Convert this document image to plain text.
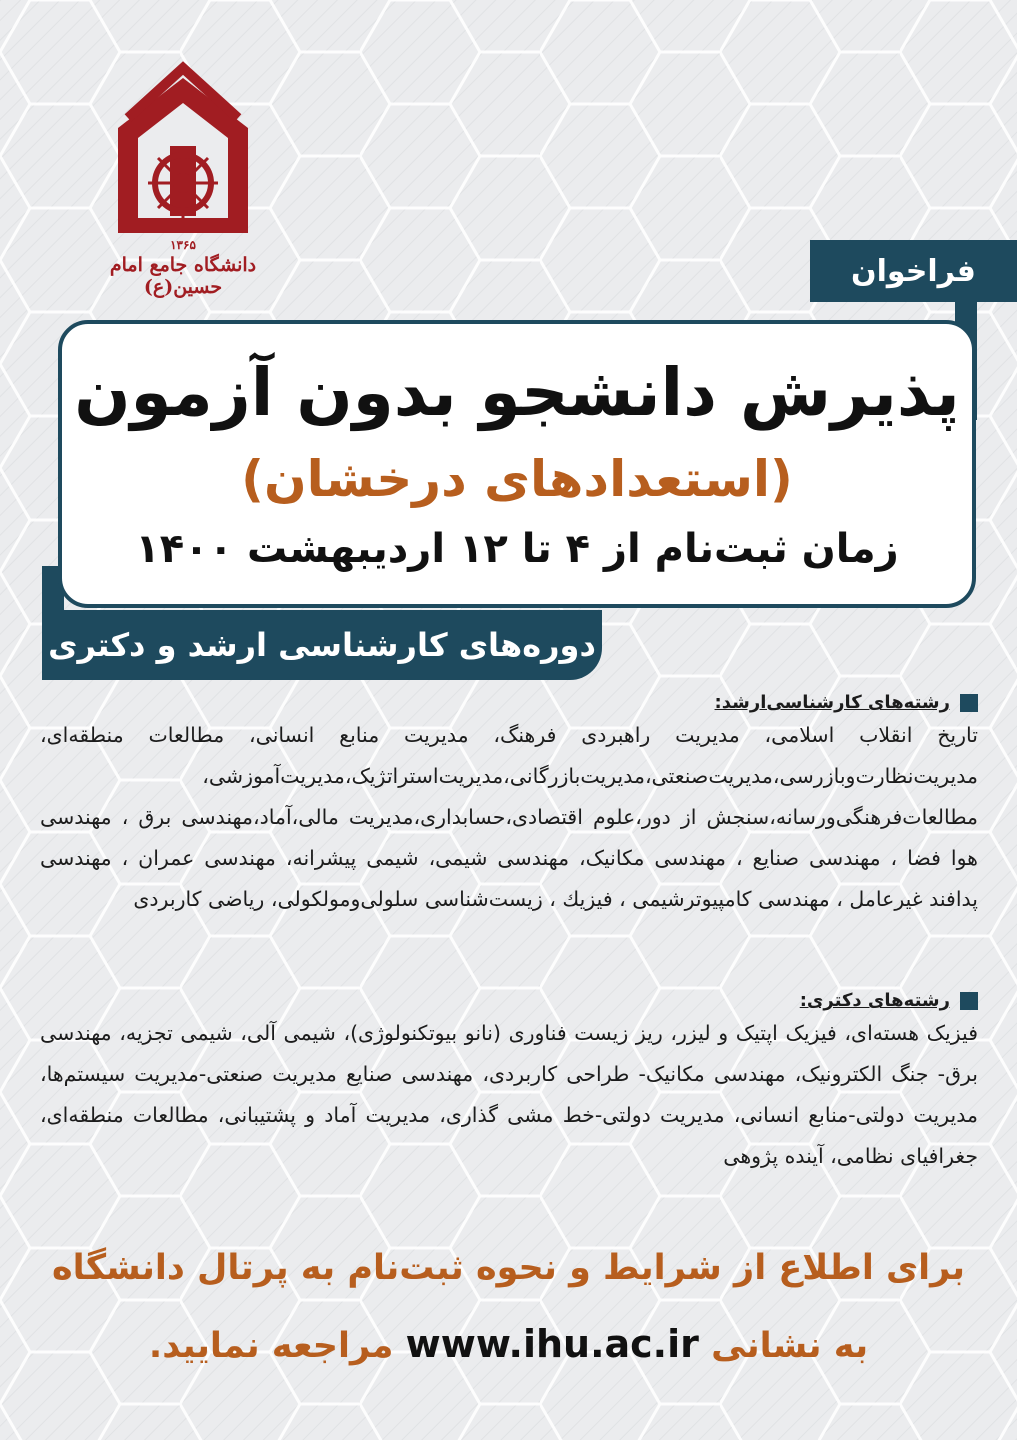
۱۳۶۵
دانشگاه جامع امام حسین(ع)	فراخوان
پذیرش دانشجو بدون آزمون
(استعدادهای درخشان)
زمان ثبت‌نام از ۴ تا ۱۲ اردیبهشت ۱۴۰۰
دوره‌های کارشناسی ارشد و دکتری
رشته‌های کارشناسی‌ارشد:
تاریخ انقلاب اسلامی، مدیریت راهبردی فرهنگ، مدیریت منابع انسانی، مطالعات منطقه‌ای، مدیریت‌نظارت‌وبازرسی،مدیریت‌صنعتی،مدیریت‌بازرگانی،مدیریت‌استراتژیک،مدیریت‌آموزشی، مطالعات‌فرهنگی‌ورسانه،سنجش از دور،علوم اقتصادی،حسابداری،مدیریت مالی،آماد،مهندسی برق ، مهندسی هوا فضا ، مهندسی صنایع ، مهندسی مکانیک، مهندسی شیمی، شیمی پیشرانه، مهندسی عمران ، مهندسی پدافند غیرعامل ، مهندسی کامپیوترشیمی ، فیزیك ، زیست‌شناسی سلولی‌ومولکولی، ریاضی کاربردی
رشته‌های دکتری:
فیزیک هسته‌ای، فیزیک اپتیک و لیزر، ریز زیست فناوری (نانو بیوتکنولوژی)، شیمی آلی، شیمی تجزیه، مهندسی برق- جنگ الکترونیک، مهندسی مکانیک- طراحی کاربردی، مهندسی صنایع مدیریت صنعتی-مدیریت سیستم‌ها، مدیریت دولتی-منابع انسانی، مدیریت دولتی-خط مشی گذاری، مدیریت آماد و پشتیبانی، مطالعات منطقه‌ای، جغرافیای نظامی، آینده پژوهی
برای اطلاع از شرایط و نحوه ثبت‌نام به پرتال دانشگاه
به نشانی www.ihu.ac.ir مراجعه نمایید.
